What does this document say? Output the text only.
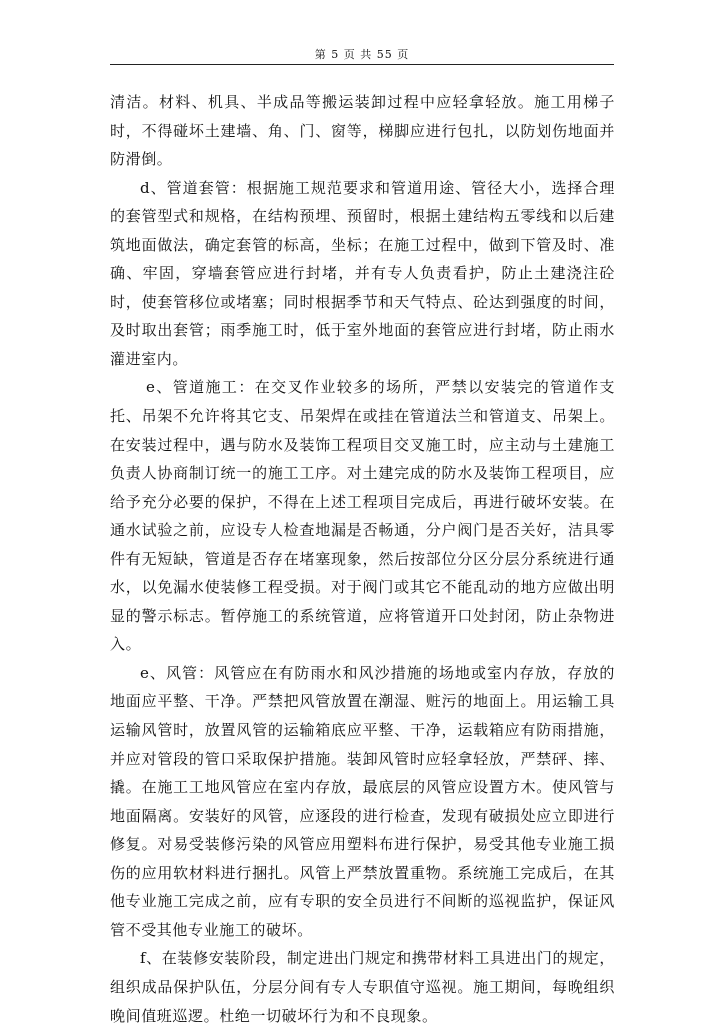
第 5 页 共 55 页

清洁。材料、机具、半成品等搬运装卸过程中应轻拿轻放。施工用梯子时，不得碰坏土建墙、角、门、窗等，梯脚应进行包扎，以防划伤地面并防滑倒。

d、管道套管：根据施工规范要求和管道用途、管径大小，选择合理的套管型式和规格，在结构预埋、预留时，根据土建结构五零线和以后建筑地面做法，确定套管的标高，坐标；在施工过程中，做到下管及时、准确、牢固，穿墙套管应进行封堵，并有专人负责看护，防止土建浇注砼时，使套管移位或堵塞；同时根据季节和天气特点、砼达到强度的时间，及时取出套管；雨季施工时，低于室外地面的套管应进行封堵，防止雨水灌进室内。

e、管道施工：在交叉作业较多的场所，严禁以安装完的管道作支托、吊架不允许将其它支、吊架焊在或挂在管道法兰和管道支、吊架上。在安装过程中，遇与防水及装饰工程项目交叉施工时，应主动与土建施工负责人协商制订统一的施工工序。对土建完成的防水及装饰工程项目，应给予充分必要的保护，不得在上述工程项目完成后，再进行破坏安装。在通水试验之前，应设专人检查地漏是否畅通，分户阀门是否关好，洁具零件有无短缺，管道是否存在堵塞现象，然后按部位分区分层分系统进行通水，以免漏水使装修工程受损。对于阀门或其它不能乱动的地方应做出明显的警示标志。暂停施工的系统管道，应将管道开口处封闭，防止杂物进入。

e、风管：风管应在有防雨水和风沙措施的场地或室内存放，存放的地面应平整、干净。严禁把风管放置在潮湿、赃污的地面上。用运输工具运输风管时，放置风管的运输箱底应平整、干净，运载箱应有防雨措施，并应对管段的管口采取保护措施。装卸风管时应轻拿轻放，严禁砰、摔、撬。在施工工地风管应在室内存放，最底层的风管应设置方木。使风管与地面隔离。安装好的风管，应逐段的进行检查，发现有破损处应立即进行修复。对易受装修污染的风管应用塑料布进行保护，易受其他专业施工损伤的应用软材料进行捆扎。风管上严禁放置重物。系统施工完成后，在其他专业施工完成之前，应有专职的安全员进行不间断的巡视监护，保证风管不受其他专业施工的破坏。

f、在装修安装阶段，制定进出门规定和携带材料工具进出门的规定，组织成品保护队伍，分层分间有专人专职值守巡视。施工期间，每晚组织晚间值班巡逻。杜绝一切破坏行为和不良现象。
